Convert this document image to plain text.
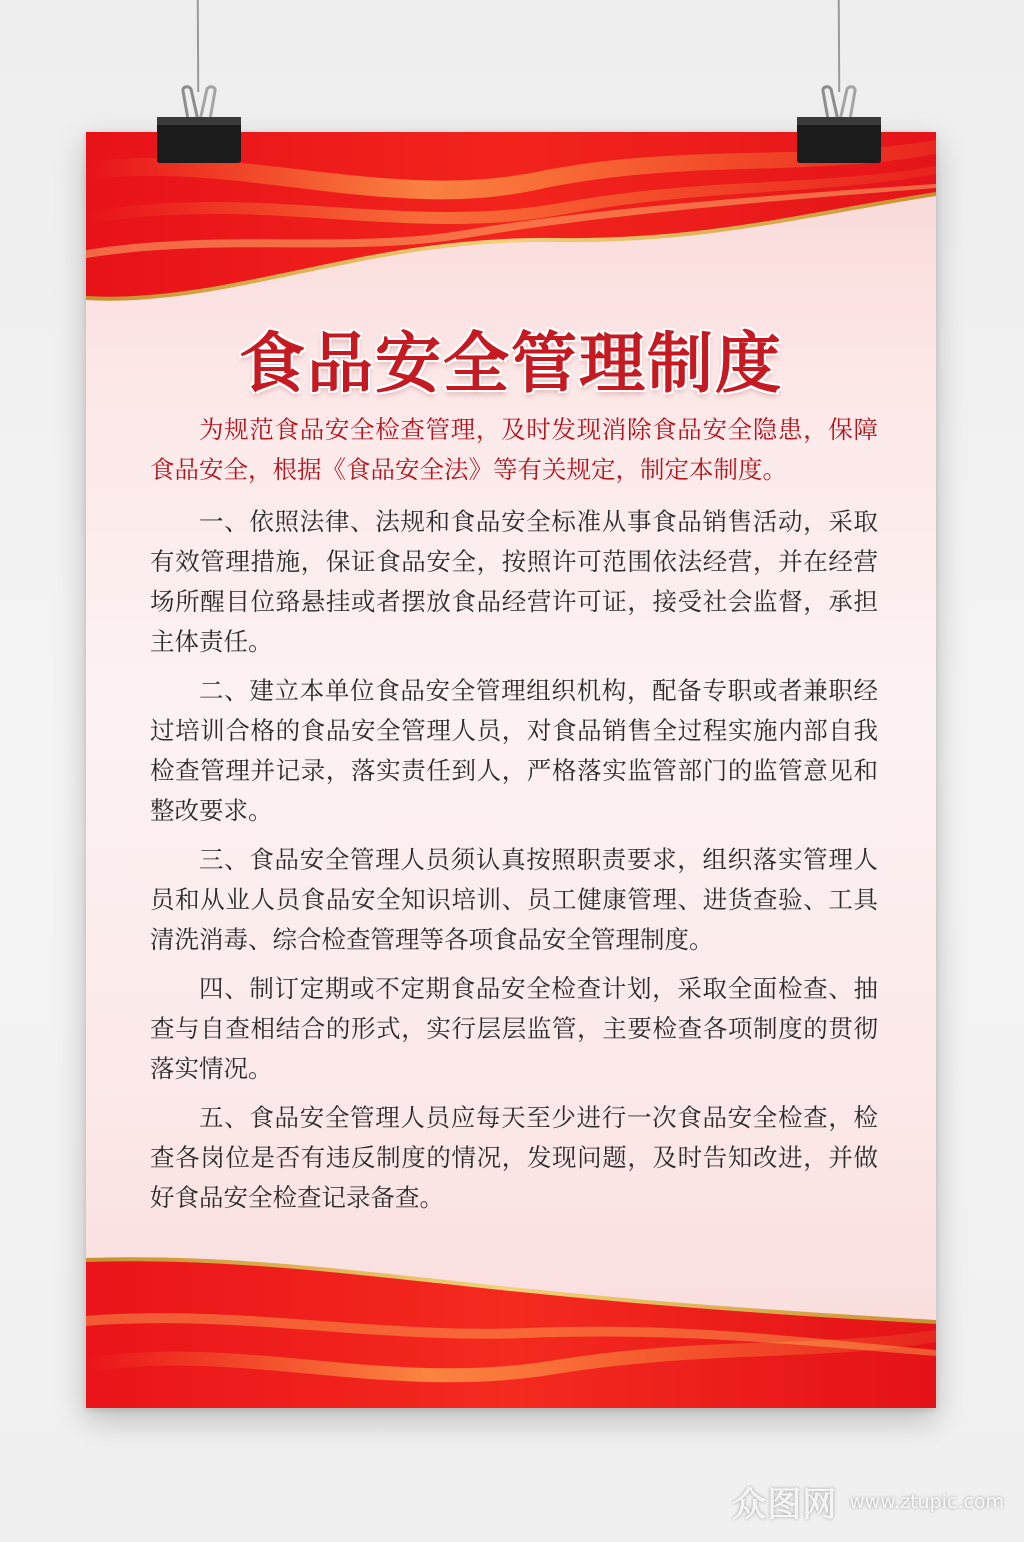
食品安全管理制度

为规范食品安全检查管理，及时发现消除食品安全隐患，保障食品安全，根据《食品安全法》等有关规定，制定本制度。

一、依照法律、法规和食品安全标准从事食品销售活动，采取有效管理措施，保证食品安全，按照许可范围依法经营，并在经营场所醒目位臵悬挂或者摆放食品经营许可证，接受社会监督，承担主体责任。

二、建立本单位食品安全管理组织机构，配备专职或者兼职经过培训合格的食品安全管理人员，对食品销售全过程实施内部自我检查管理并记录，落实责任到人，严格落实监管部门的监管意见和整改要求。

三、食品安全管理人员须认真按照职责要求，组织落实管理人员和从业人员食品安全知识培训、员工健康管理、进货查验、工具清洗消毒、综合检查管理等各项食品安全管理制度。

四、制订定期或不定期食品安全检查计划，采取全面检查、抽查与自查相结合的形式，实行层层监管，主要检查各项制度的贯彻落实情况。

五、食品安全管理人员应每天至少进行一次食品安全检查，检查各岗位是否有违反制度的情况，发现问题，及时告知改进，并做好食品安全检查记录备查。

众图网 www.ztupic.com
